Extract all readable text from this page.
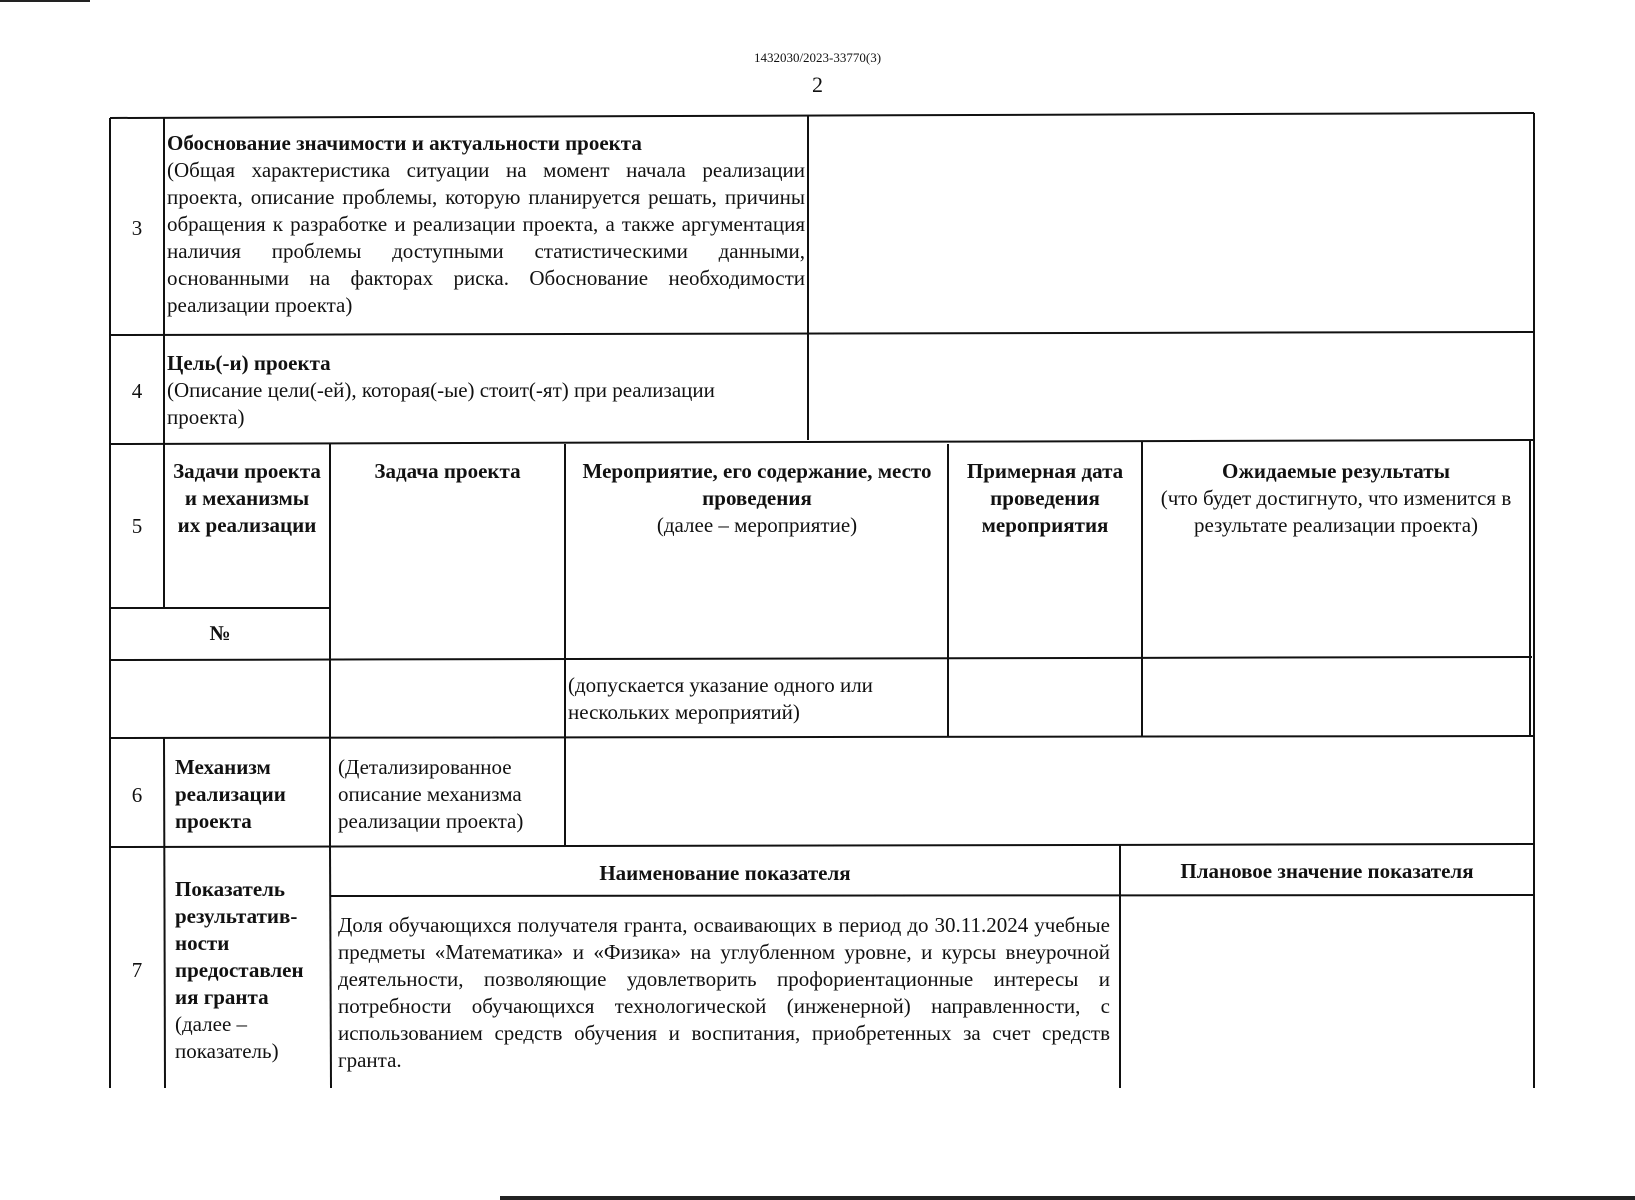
1432030/2023-33770(3)
2
3
Обоснование значимости и актуальности проекта
(Общая характеристика ситуации на момент начала реализации проекта, описание проблемы, которую планируется решать, причины обращения к разработке и реализации проекта, а также аргументация наличия проблемы доступными статистическими данными, основанными на факторах риска. Обоснование необходимости реализации проекта)
4
Цель(-и) проекта
(Описание цели(-ей), которая(-ые) стоит(-ят) при реализации проекта)
5
Задачи проекта и механизмы их реализации
№
Задача проекта	Мероприятие, его содержание, место проведения
(далее – мероприятие)
Примерная дата проведения мероприятия
Ожидаемые результаты
(что будет достигнуто, что изменится в результате реализации проекта)
(допускается указание одного или нескольких мероприятий)
6
Механизм реализации проекта
(Детализированное описание механизма реализации проекта)
7
Показатель результатив-ности предоставлен ия гранта
(далее – показатель)
Наименование показателя	Плановое значение показателя
Доля обучающихся получателя гранта, осваивающих в период до 30.11.2024 учебные предметы «Математика» и «Физика» на углубленном уровне, и курсы внеурочной деятельности, позволяющие удовлетворить профориентационные интересы и потребности обучающихся технологической (инженерной) направленности, с использованием средств обучения и воспитания, приобретенных за счет средств гранта.
